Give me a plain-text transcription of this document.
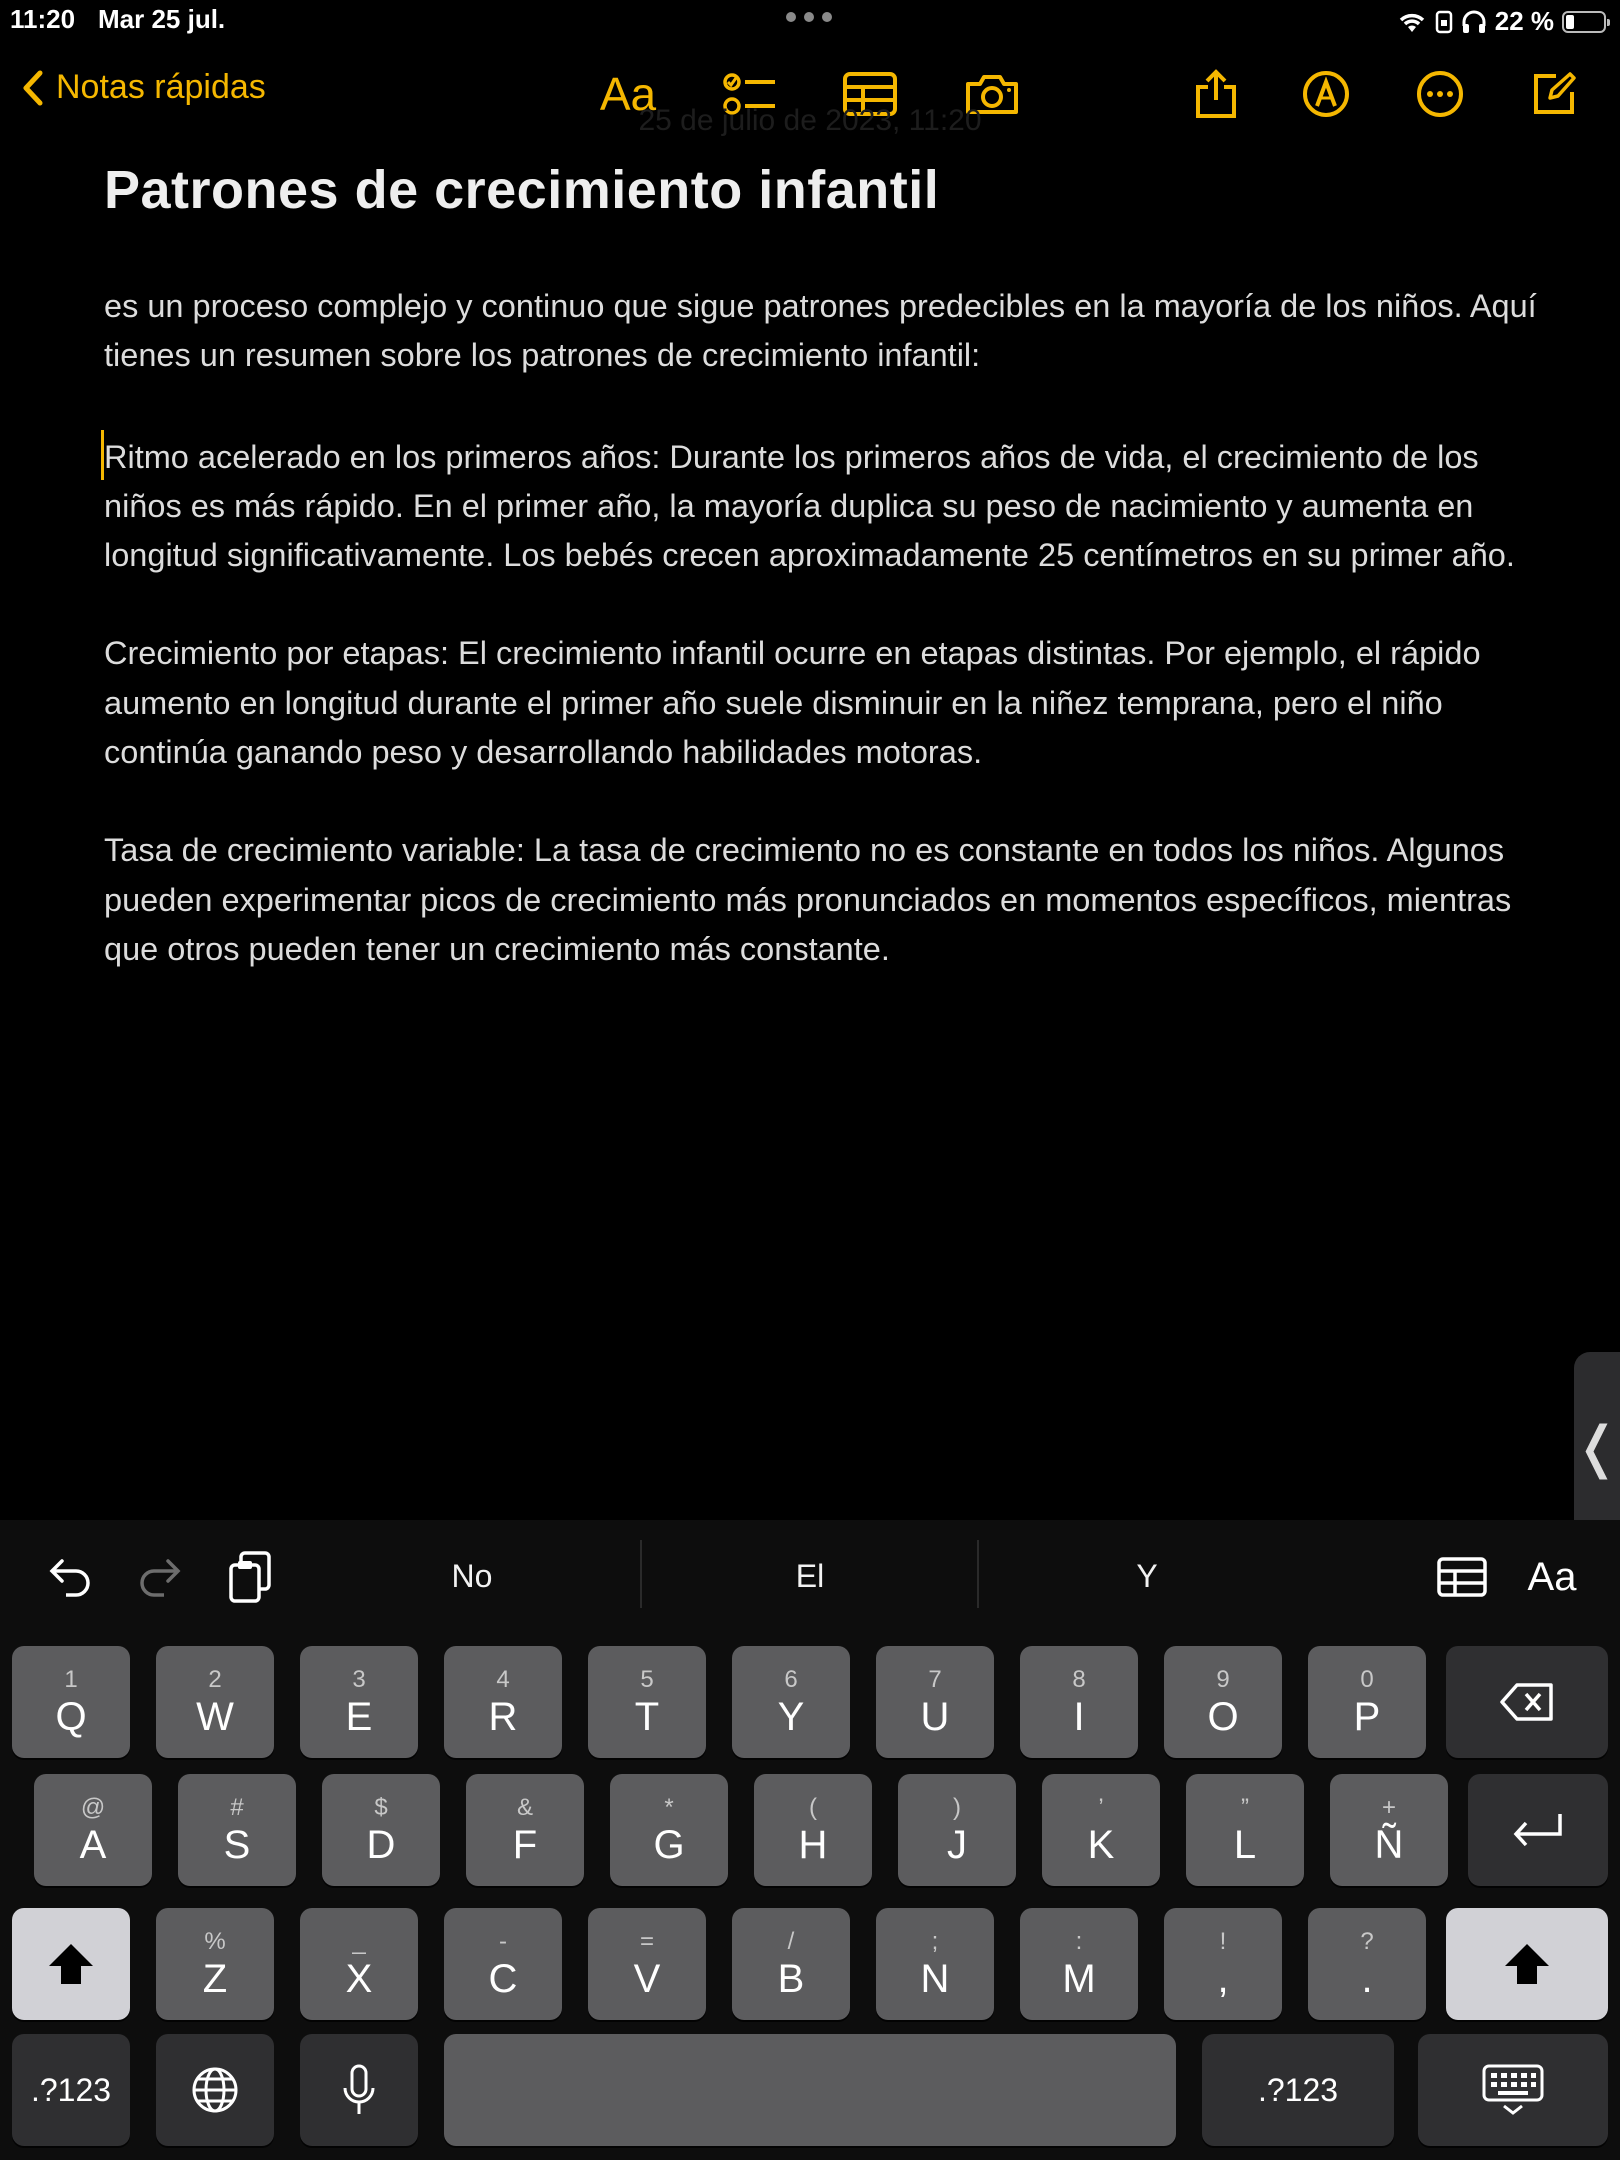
11:20 Mar 25 jul.	22 %
Notas rápidas	Aa
25 de julio de 2023, 11:20
Patrones de crecimiento infantil

es un proceso complejo y continuo que sigue patrones predecibles en la mayoría de los niños. Aquí tienes un resumen sobre los patrones de crecimiento infantil:

Ritmo acelerado en los primeros años: Durante los primeros años de vida, el crecimiento de los niños es más rápido. En el primer año, la mayoría duplica su peso de nacimiento y aumenta en longitud significativamente. Los bebés crecen aproximadamente 25 centímetros en su primer año.

Crecimiento por etapas: El crecimiento infantil ocurre en etapas distintas. Por ejemplo, el rápido aumento en longitud durante el primer año suele disminuir en la niñez temprana, pero el niño continúa ganando peso y desarrollando habilidades motoras.

Tasa de crecimiento variable: La tasa de crecimiento no es constante en todos los niños. Algunos pueden experimentar picos de crecimiento más pronunciados en momentos específicos, mientras que otros pueden tener un crecimiento más constante.

❬
No	El	Y	Aa
1
Q
2
W
3
E
4
R
5
T
6
Y
7
U
8
I
9
O
0
P
@
A
#
S
$
D
&
F
*
G
(
H
)
J
’
K
”
L
+
Ñ
%
Z
_
X
-
C
=
V
/
B
;
N
:
M
!
,
?
.
.?123	.?123
